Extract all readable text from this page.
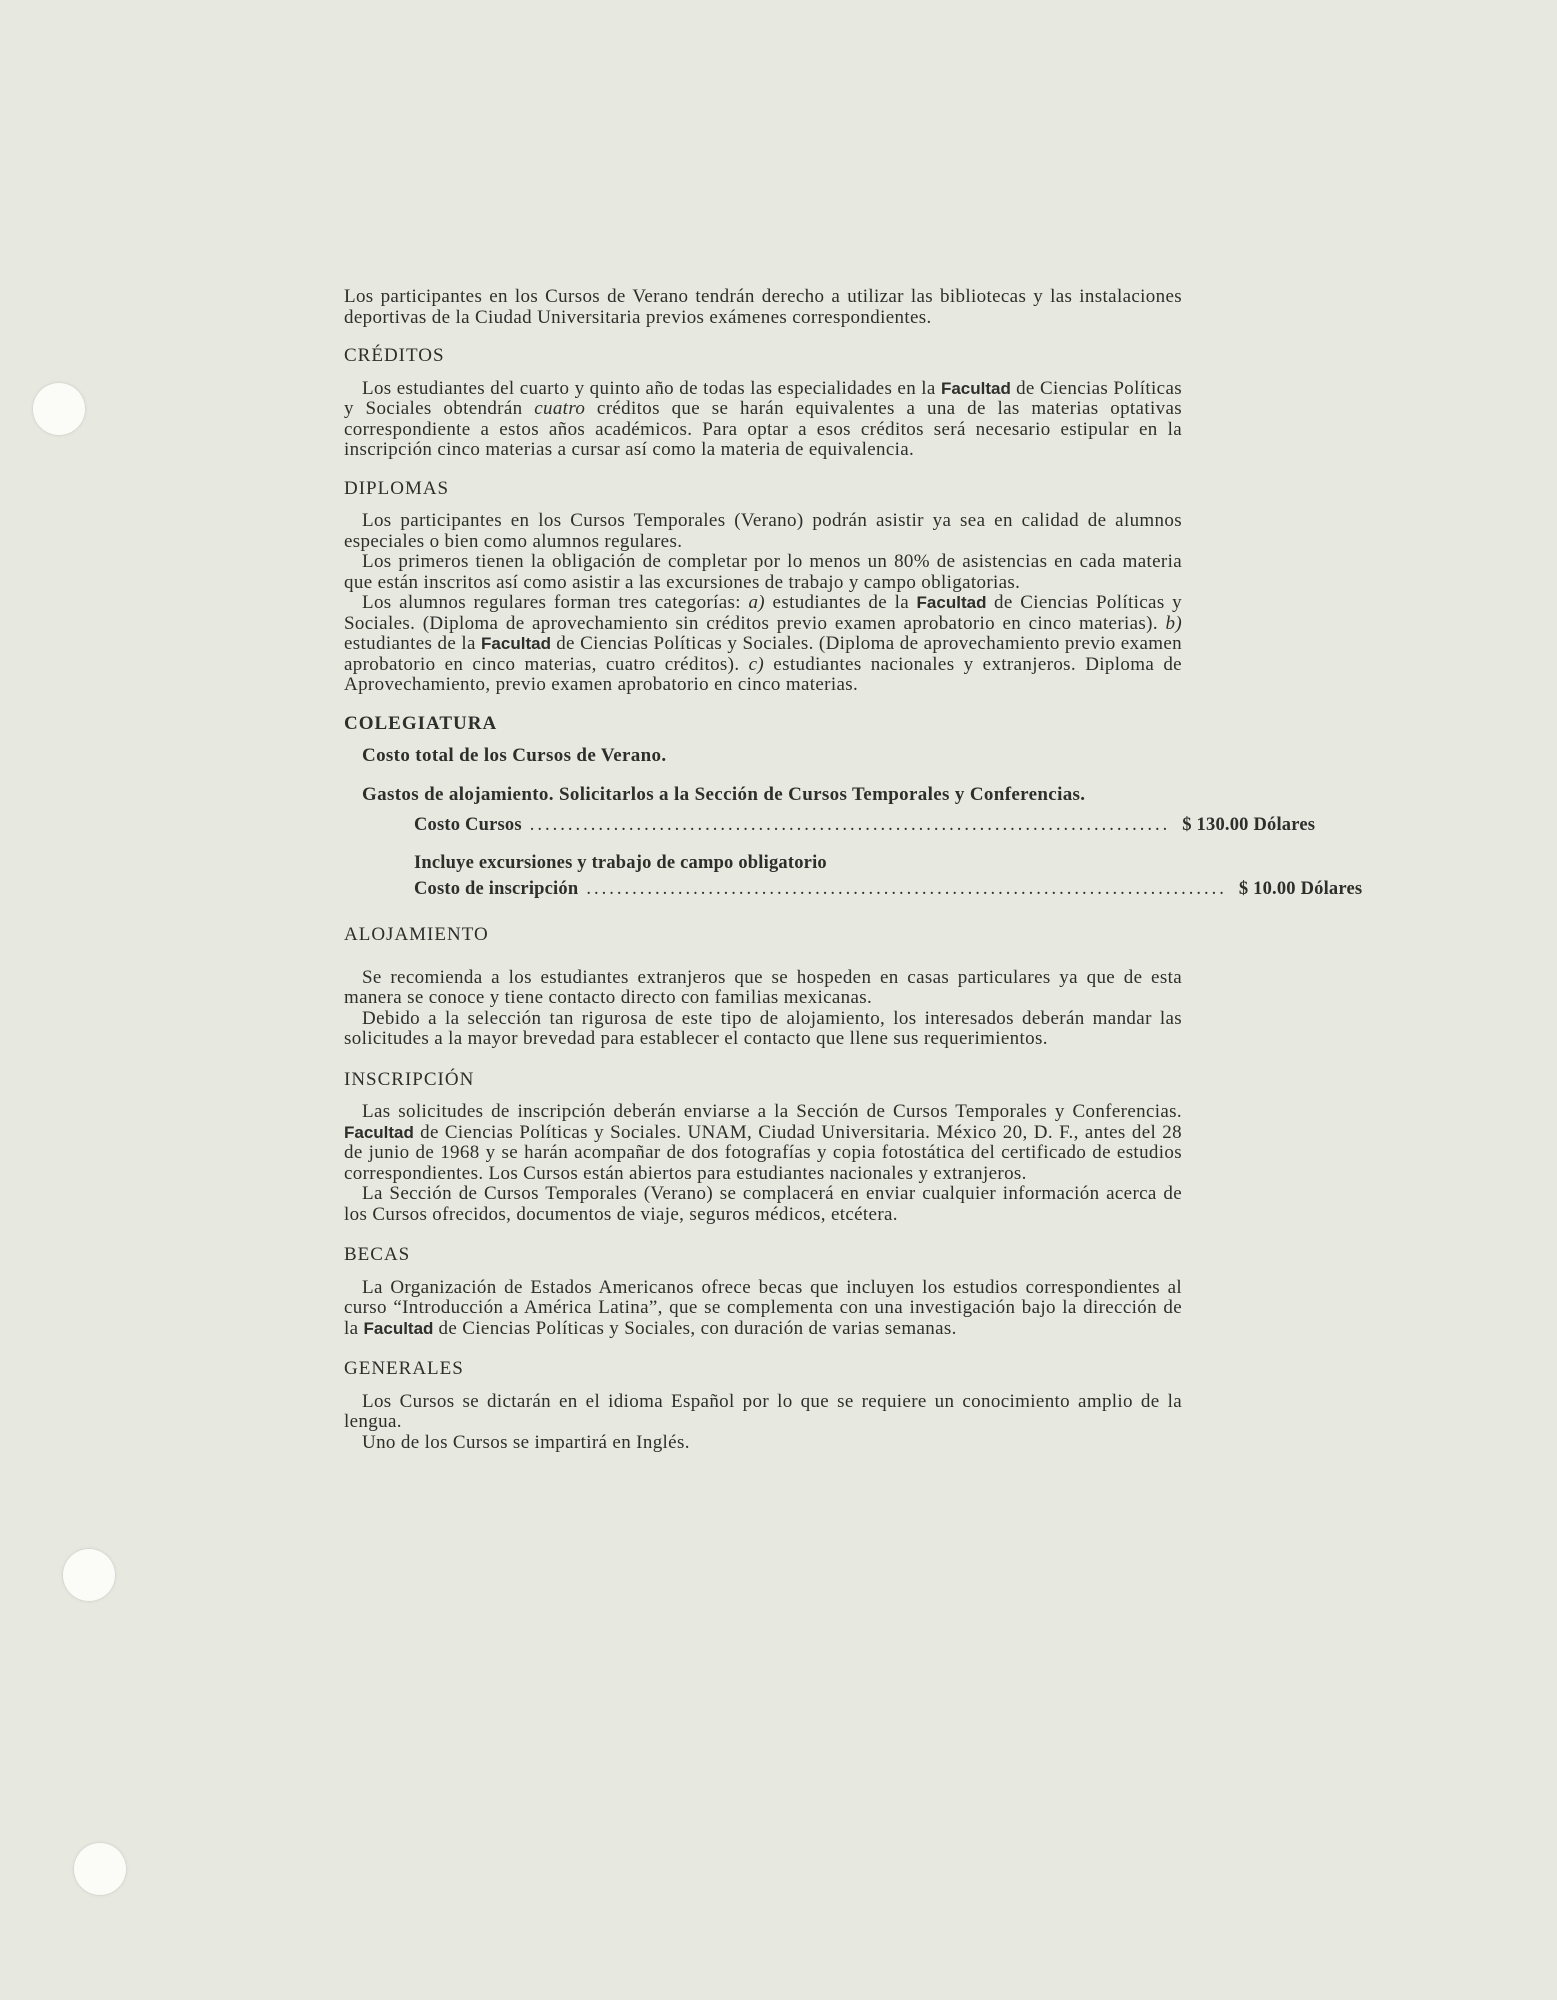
Los participantes en los Cursos de Verano tendrán derecho a utilizar las bibliotecas y las instalaciones deportivas de la Ciudad Universitaria previos exámenes correspondientes.

CRÉDITOS

Los estudiantes del cuarto y quinto año de todas las especialidades en la Facultad de Ciencias Políticas y Sociales obtendrán cuatro créditos que se harán equivalentes a una de las materias optativas correspondiente a estos años académicos. Para optar a esos créditos será necesario estipular en la inscripción cinco materias a cursar así como la materia de equivalencia.

DIPLOMAS

Los participantes en los Cursos Temporales (Verano) podrán asistir ya sea en calidad de alumnos especiales o bien como alumnos regulares.

Los primeros tienen la obligación de completar por lo menos un 80% de asistencias en cada materia que están inscritos así como asistir a las excursiones de trabajo y campo obligatorias.

Los alumnos regulares forman tres categorías: a) estudiantes de la Facultad de Ciencias Políticas y Sociales. (Diploma de aprovechamiento sin créditos previo examen aprobatorio en cinco materias). b) estudiantes de la Facultad de Ciencias Políticas y Sociales. (Diploma de aprovechamiento previo examen aprobatorio en cinco materias, cuatro créditos). c) estudiantes nacionales y extranjeros. Diploma de Aprovechamiento, previo examen aprobatorio en cinco materias.

COLEGIATURA

Costo total de los Cursos de Verano.

Gastos de alojamiento. Solicitarlos a la Sección de Cursos Temporales y Conferencias.

Costo Cursos .................................................................................... $ 130.00 Dólares
Incluye excursiones y trabajo de campo obligatorio
Costo de inscripción .................................................................................... $ 10.00 Dólares
ALOJAMIENTO

Se recomienda a los estudiantes extranjeros que se hospeden en casas particulares ya que de esta manera se conoce y tiene contacto directo con familias mexicanas.

Debido a la selección tan rigurosa de este tipo de alojamiento, los interesados deberán mandar las solicitudes a la mayor brevedad para establecer el contacto que llene sus requerimientos.

INSCRIPCIÓN

Las solicitudes de inscripción deberán enviarse a la Sección de Cursos Temporales y Conferencias. Facultad de Ciencias Políticas y Sociales. UNAM, Ciudad Universitaria. México 20, D. F., antes del 28 de junio de 1968 y se harán acompañar de dos fotografías y copia fotostática del certificado de estudios correspondientes. Los Cursos están abiertos para estudiantes nacionales y extranjeros.

La Sección de Cursos Temporales (Verano) se complacerá en enviar cualquier información acerca de los Cursos ofrecidos, documentos de viaje, seguros médicos, etcétera.

BECAS

La Organización de Estados Americanos ofrece becas que incluyen los estudios correspondientes al curso “Introducción a América Latina”, que se complementa con una investigación bajo la dirección de la Facultad de Ciencias Políticas y Sociales, con duración de varias semanas.

GENERALES

Los Cursos se dictarán en el idioma Español por lo que se requiere un conocimiento amplio de la lengua.

Uno de los Cursos se impartirá en Inglés.
